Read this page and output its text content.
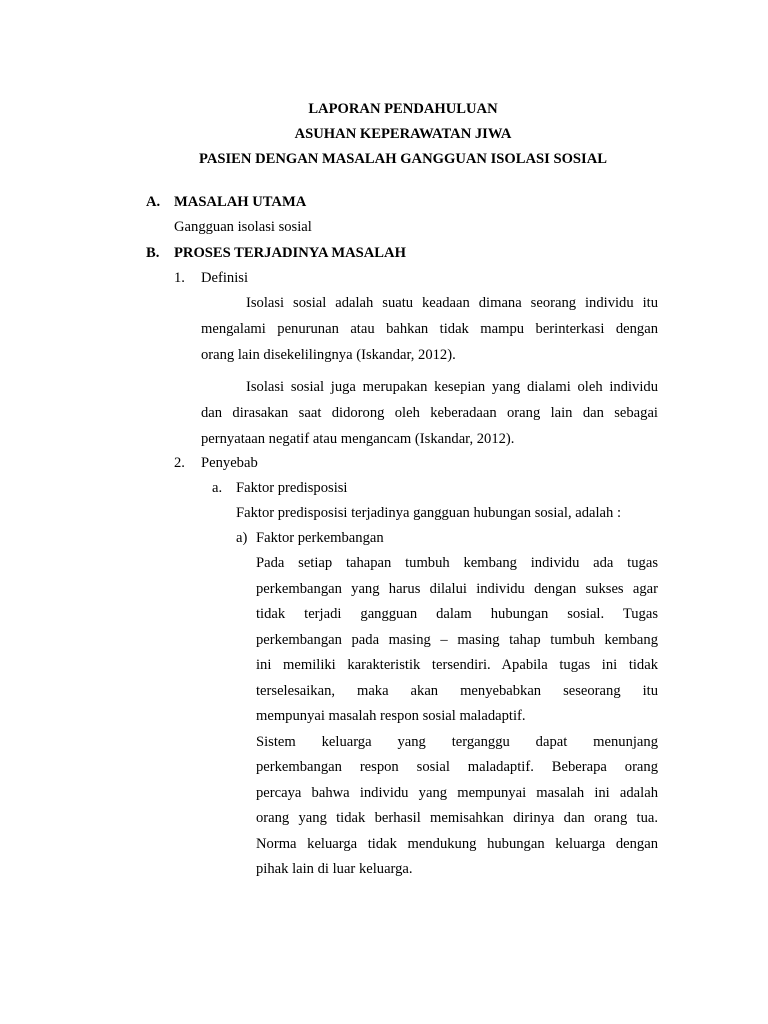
LAPORAN PENDAHULUAN
ASUHAN KEPERAWATAN JIWA
PASIEN DENGAN MASALAH GANGGUAN ISOLASI SOSIAL
A. MASALAH UTAMA
Gangguan isolasi sosial
B. PROSES TERJADINYA MASALAH
1. Definisi
Isolasi sosial adalah suatu keadaan dimana seorang individu itu
mengalami penurunan atau bahkan tidak mampu berinterkasi dengan
orang lain disekelilingnya (Iskandar, 2012).
Isolasi sosial juga merupakan kesepian yang dialami oleh individu
dan dirasakan saat didorong oleh keberadaan orang lain dan sebagai
pernyataan negatif atau mengancam (Iskandar, 2012).
2. Penyebab
a. Faktor predisposisi
Faktor predisposisi terjadinya gangguan hubungan sosial, adalah :
a) Faktor perkembangan
Pada setiap tahapan tumbuh kembang individu ada tugas
perkembangan yang harus dilalui individu dengan sukses agar
tidak terjadi gangguan dalam hubungan sosial. Tugas
perkembangan pada masing – masing tahap tumbuh kembang
ini memiliki karakteristik tersendiri. Apabila tugas ini tidak
terselesaikan, maka akan menyebabkan seseorang itu
mempunyai masalah respon sosial maladaptif.
Sistem keluarga yang terganggu dapat menunjang
perkembangan respon sosial maladaptif. Beberapa orang
percaya bahwa individu yang mempunyai masalah ini adalah
orang yang tidak berhasil memisahkan dirinya dan orang tua.
Norma keluarga tidak mendukung hubungan keluarga dengan
pihak lain di luar keluarga.
